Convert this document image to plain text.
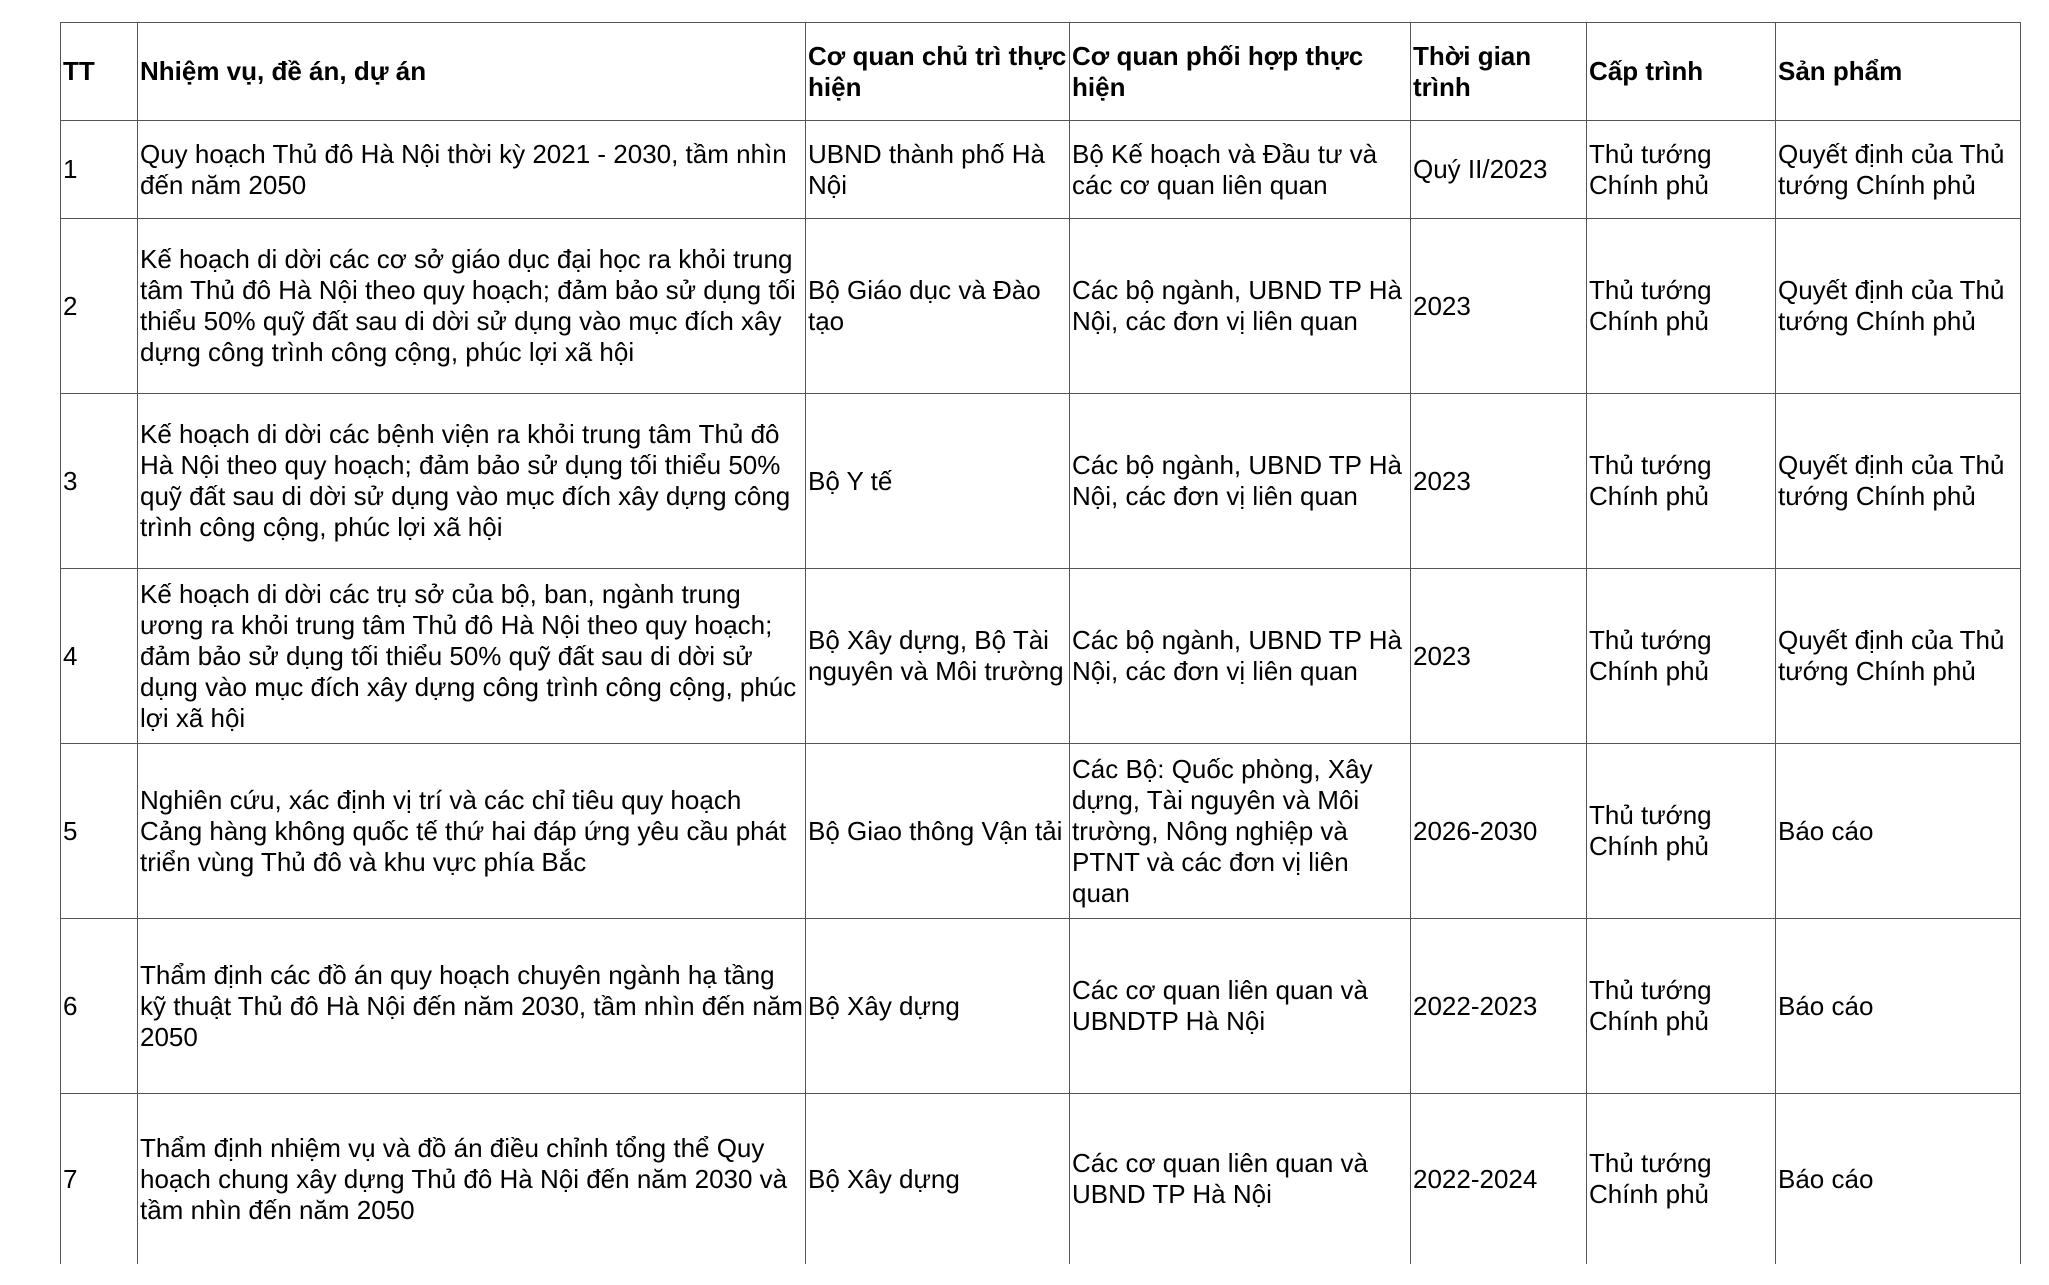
TT	Nhiệm vụ, đề án, dự án	Cơ quan chủ trì thực hiện	Cơ quan phối hợp thực hiện	Thời gian trình	Cấp trình	Sản phẩm
1	Quy hoạch Thủ đô Hà Nội thời kỳ 2021 - 2030, tầm nhìn đến năm 2050	UBND thành phố Hà Nội	Bộ Kế hoạch và Đầu tư và các cơ quan liên quan	Quý II/2023	Thủ tướng Chính phủ	Quyết định của Thủ tướng Chính phủ
2	Kế hoạch di dời các cơ sở giáo dục đại học ra khỏi trung tâm Thủ đô Hà Nội theo quy hoạch; đảm bảo sử dụng tối thiểu 50% quỹ đất sau di dời sử dụng vào mục đích xây dựng công trình công cộng, phúc lợi xã hội	Bộ Giáo dục và Đào tạo	Các bộ ngành, UBND TP Hà Nội, các đơn vị liên quan	2023	Thủ tướng Chính phủ	Quyết định của Thủ tướng Chính phủ
3	Kế hoạch di dời các bệnh viện ra khỏi trung tâm Thủ đô Hà Nội theo quy hoạch; đảm bảo sử dụng tối thiểu 50% quỹ đất sau di dời sử dụng vào mục đích xây dựng công trình công cộng, phúc lợi xã hội	Bộ Y tế	Các bộ ngành, UBND TP Hà Nội, các đơn vị liên quan	2023	Thủ tướng Chính phủ	Quyết định của Thủ tướng Chính phủ
4	Kế hoạch di dời các trụ sở của bộ, ban, ngành trung ương ra khỏi trung tâm Thủ đô Hà Nội theo quy hoạch; đảm bảo sử dụng tối thiểu 50% quỹ đất sau di dời sử dụng vào mục đích xây dựng công trình công cộng, phúc lợi xã hội	Bộ Xây dựng, Bộ Tài nguyên và Môi trường	Các bộ ngành, UBND TP Hà Nội, các đơn vị liên quan	2023	Thủ tướng Chính phủ	Quyết định của Thủ tướng Chính phủ
5	Nghiên cứu, xác định vị trí và các chỉ tiêu quy hoạch Cảng hàng không quốc tế thứ hai đáp ứng yêu cầu phát triển vùng Thủ đô và khu vực phía Bắc	Bộ Giao thông Vận tải	Các Bộ: Quốc phòng, Xây dựng, Tài nguyên và Môi trường, Nông nghiệp và PTNT và các đơn vị liên quan	2026-2030	Thủ tướng Chính phủ	Báo cáo
6	Thẩm định các đồ án quy hoạch chuyên ngành hạ tầng kỹ thuật Thủ đô Hà Nội đến năm 2030, tầm nhìn đến năm 2050	Bộ Xây dựng	Các cơ quan liên quan và UBNDTP Hà Nội	2022-2023	Thủ tướng Chính phủ	Báo cáo
7	Thẩm định nhiệm vụ và đồ án điều chỉnh tổng thể Quy hoạch chung xây dựng Thủ đô Hà Nội đến năm 2030 và tầm nhìn đến năm 2050	Bộ Xây dựng	Các cơ quan liên quan và UBND TP Hà Nội	2022-2024	Thủ tướng Chính phủ	Báo cáo
